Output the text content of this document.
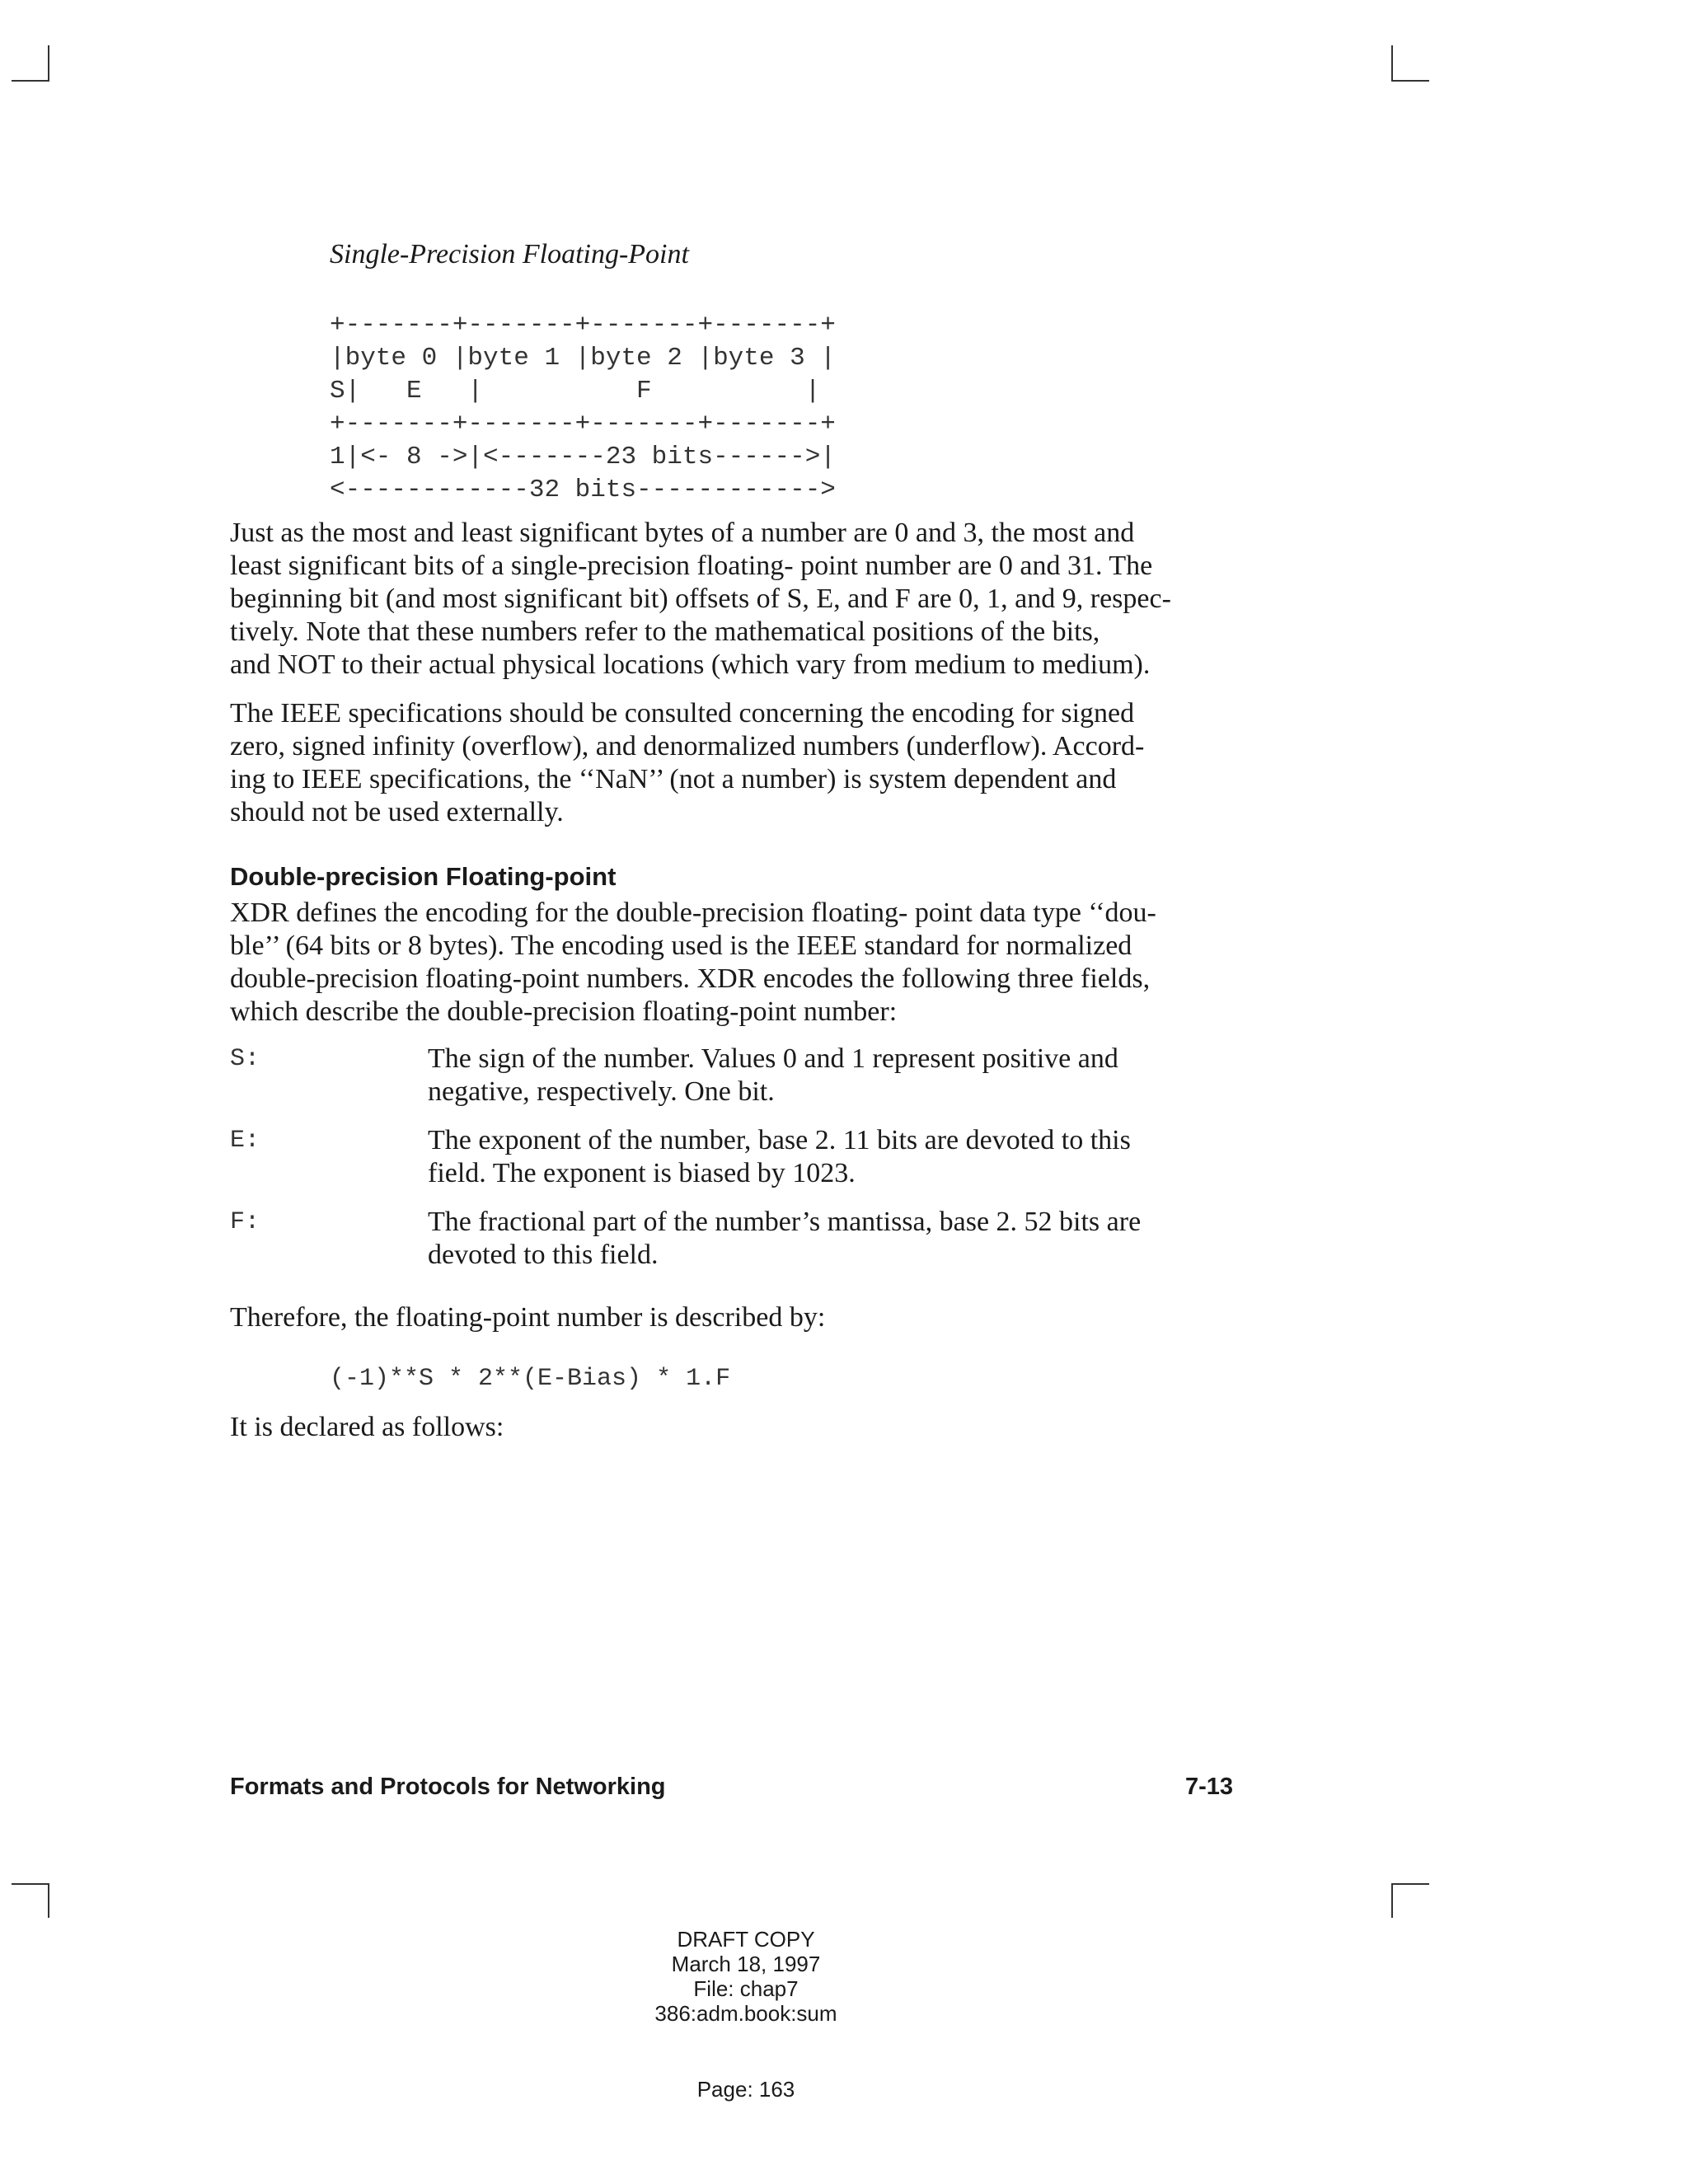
Single-Precision Floating-Point
+-------+-------+-------+-------+
|byte 0 |byte 1 |byte 2 |byte 3 |
S|   E   |          F          |
+-------+-------+-------+-------+
1|<- 8 ->|<-------23 bits------>|
<------------32 bits------------>

Just as the most and least significant bytes of a number are 0 and 3, the most and
least significant bits of a single-precision floating- point number are 0 and 31. The
beginning bit (and most significant bit) offsets of S, E, and F are 0, 1, and 9, respec-
tively. Note that these numbers refer to the mathematical positions of the bits,
and NOT to their actual physical locations (which vary from medium to medium).

The IEEE specifications should be consulted concerning the encoding for signed
zero, signed infinity (overflow), and denormalized numbers (underflow). Accord-
ing to IEEE specifications, the ‘‘NaN’’ (not a number) is system dependent and
should not be used externally.

Double-precision Floating-point

XDR defines the encoding for the double-precision floating- point data type ‘‘dou-
ble’’ (64 bits or 8 bytes). The encoding used is the IEEE standard for normalized
double-precision floating-point numbers. XDR encodes the following three fields,
which describe the double-precision floating-point number:

S:	The sign of the number. Values 0 and 1 represent positive and
negative, respectively. One bit.
E:	The exponent of the number, base 2. 11 bits are devoted to this
field. The exponent is biased by 1023.
F:	The fractional part of the number’s mantissa, base 2. 52 bits are
devoted to this field.

Therefore, the floating-point number is described by:

(-1)**S * 2**(E-Bias) * 1.F

It is declared as follows:

Formats and Protocols for Networking	7-13
DRAFT COPY
March 18, 1997
File: chap7
386:adm.book:sum
Page: 163
